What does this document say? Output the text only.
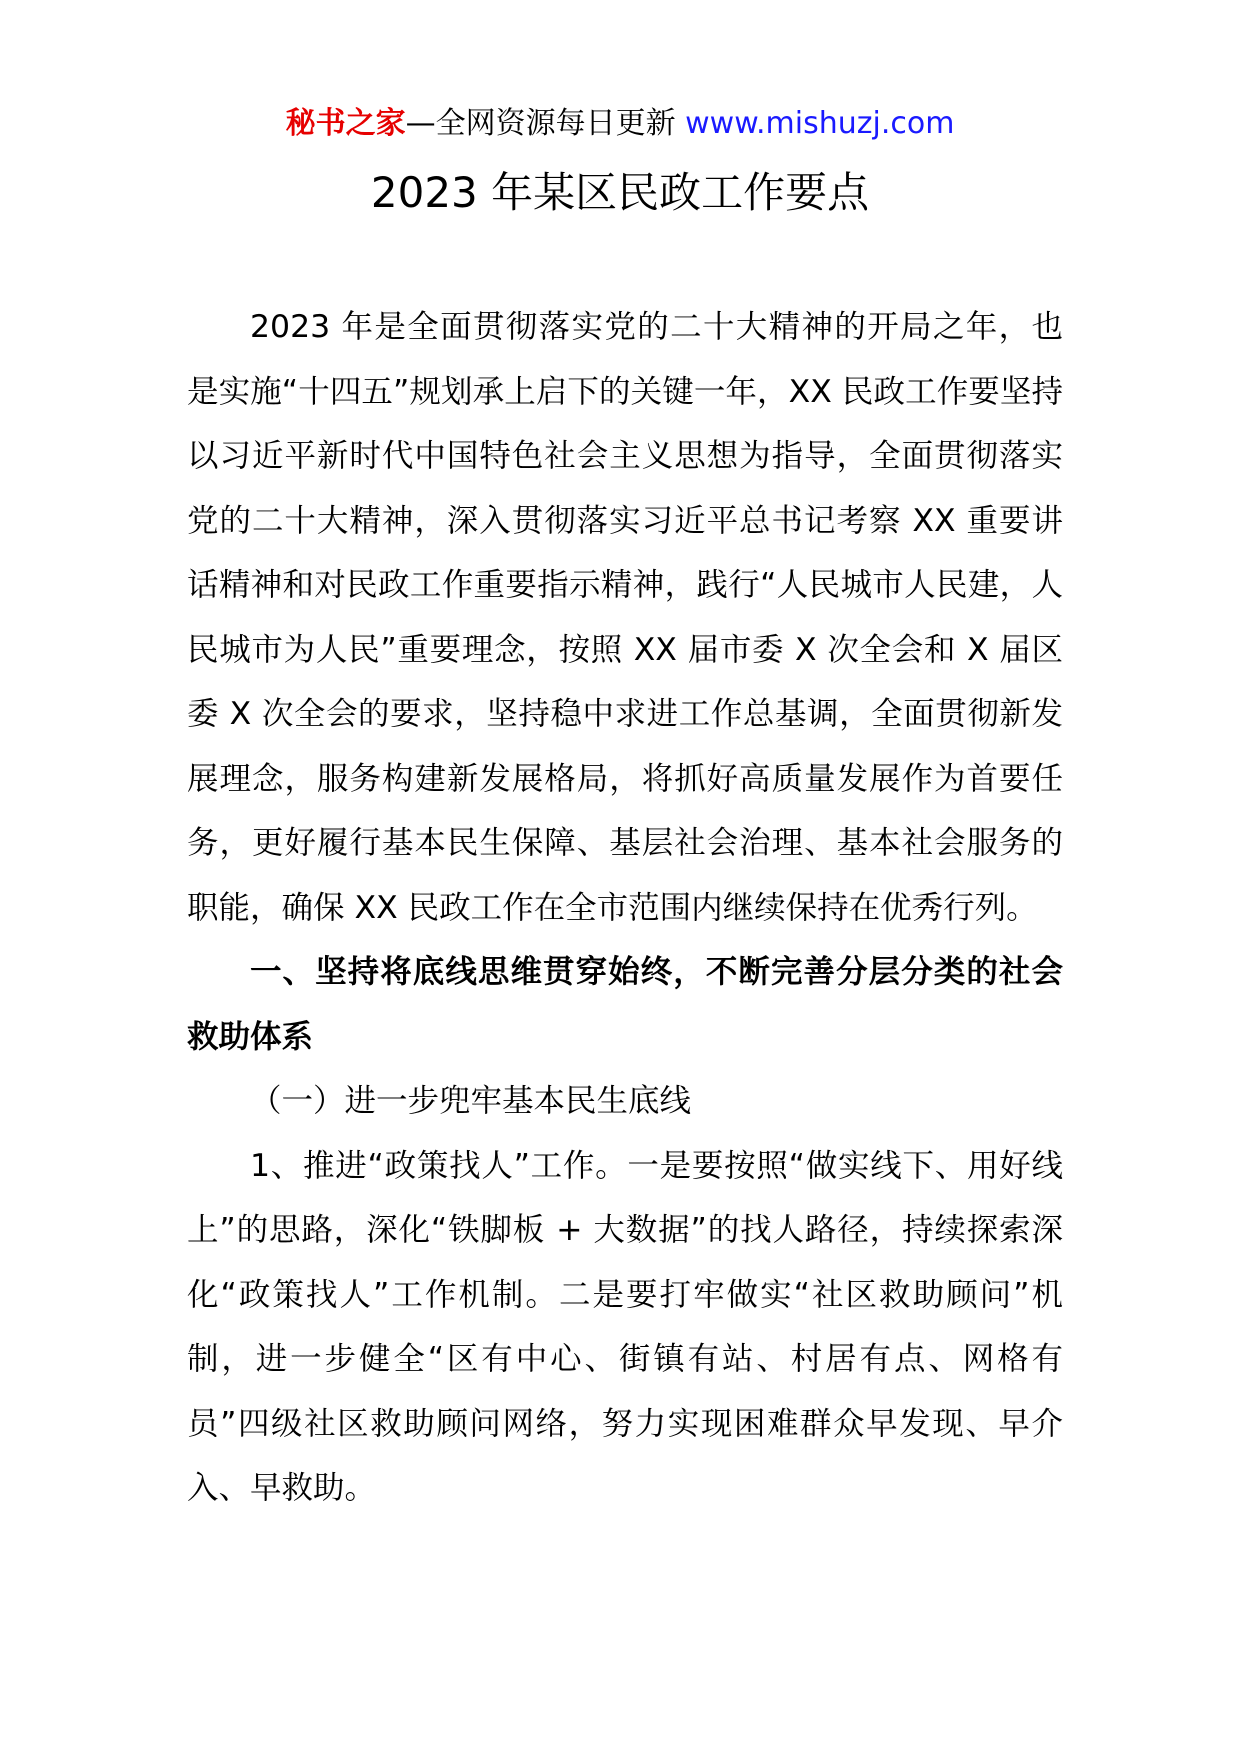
秘书之家—全网资源每日更新 www.mishuzj.com
2023 年某区民政工作要点

2023 年是全面贯彻落实党的二十大精神的开局之年，也是实施“十四五”规划承上启下的关键一年，XX 民政工作要坚持以习近平新时代中国特色社会主义思想为指导，全面贯彻落实党的二十大精神，深入贯彻落实习近平总书记考察 XX 重要讲话精神和对民政工作重要指示精神，践行“人民城市人民建，人民城市为人民”重要理念，按照 XX 届市委 X 次全会和 X 届区委 X 次全会的要求，坚持稳中求进工作总基调，全面贯彻新发展理念，服务构建新发展格局，将抓好高质量发展作为首要任务，更好履行基本民生保障、基层社会治理、基本社会服务的职能，确保 XX 民政工作在全市范围内继续保持在优秀行列。

一、坚持将底线思维贯穿始终，不断完善分层分类的社会救助体系

（一）进一步兜牢基本民生底线

1、推进“政策找人”工作。一是要按照“做实线下、用好线上”的思路，深化“铁脚板 + 大数据”的找人路径，持续探索深化“政策找人”工作机制。二是要打牢做实“社区救助顾问”机制，进一步健全“区有中心、街镇有站、村居有点、网格有员”四级社区救助顾问网络，努力实现困难群众早发现、早介入、早救助。
